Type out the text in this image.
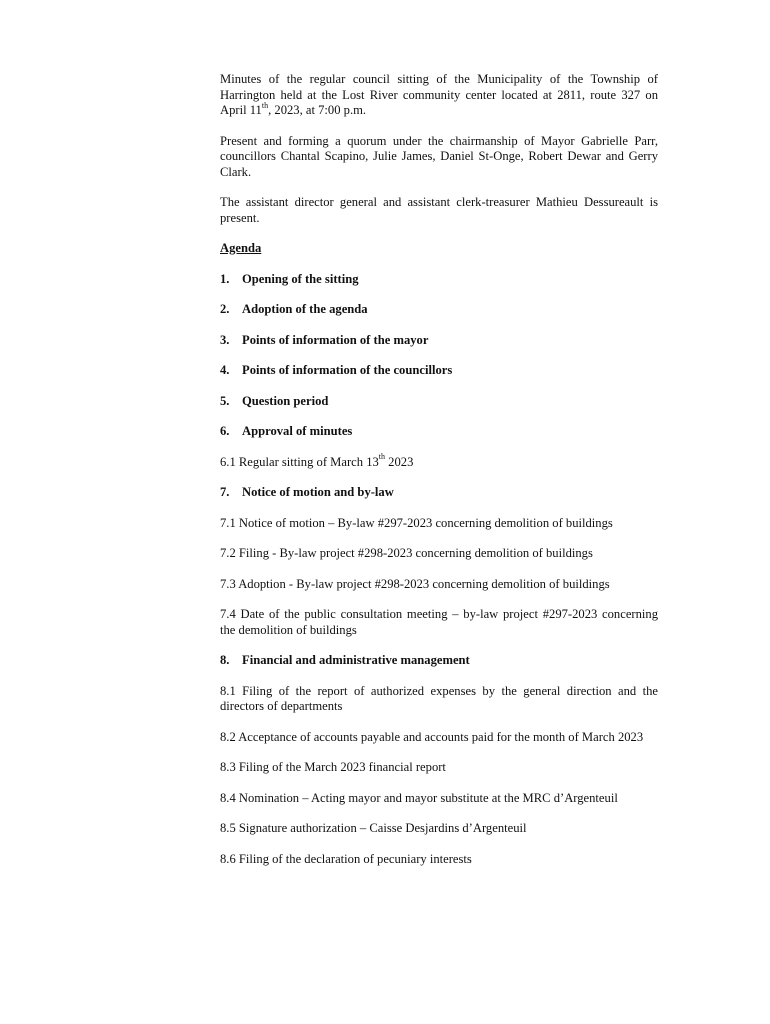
Minutes of the regular council sitting of the Municipality of the Township of Harrington held at the Lost River community center located at 2811, route 327 on April 11th, 2023, at 7:00 p.m.

Present and forming a quorum under the chairmanship of Mayor Gabrielle Parr, councillors Chantal Scapino, Julie James, Daniel St-Onge, Robert Dewar and Gerry Clark.

The assistant director general and assistant clerk-treasurer Mathieu Dessureault is present.

Agenda

1. Opening of the sitting

2. Adoption of the agenda

3. Points of information of the mayor

4. Points of information of the councillors

5. Question period

6. Approval of minutes

6.1 Regular sitting of March 13th 2023

7. Notice of motion and by-law

7.1 Notice of motion – By-law #297-2023 concerning demolition of buildings

7.2 Filing - By-law project #298-2023 concerning demolition of buildings

7.3 Adoption - By-law project #298-2023 concerning demolition of buildings

7.4 Date of the public consultation meeting – by-law project #297-2023 concerning the demolition of buildings

8. Financial and administrative management

8.1 Filing of the report of authorized expenses by the general direction and the directors of departments

8.2 Acceptance of accounts payable and accounts paid for the month of March 2023

8.3 Filing of the March 2023 financial report

8.4 Nomination – Acting mayor and mayor substitute at the MRC d’Argenteuil

8.5 Signature authorization – Caisse Desjardins d’Argenteuil

8.6 Filing of the declaration of pecuniary interests
